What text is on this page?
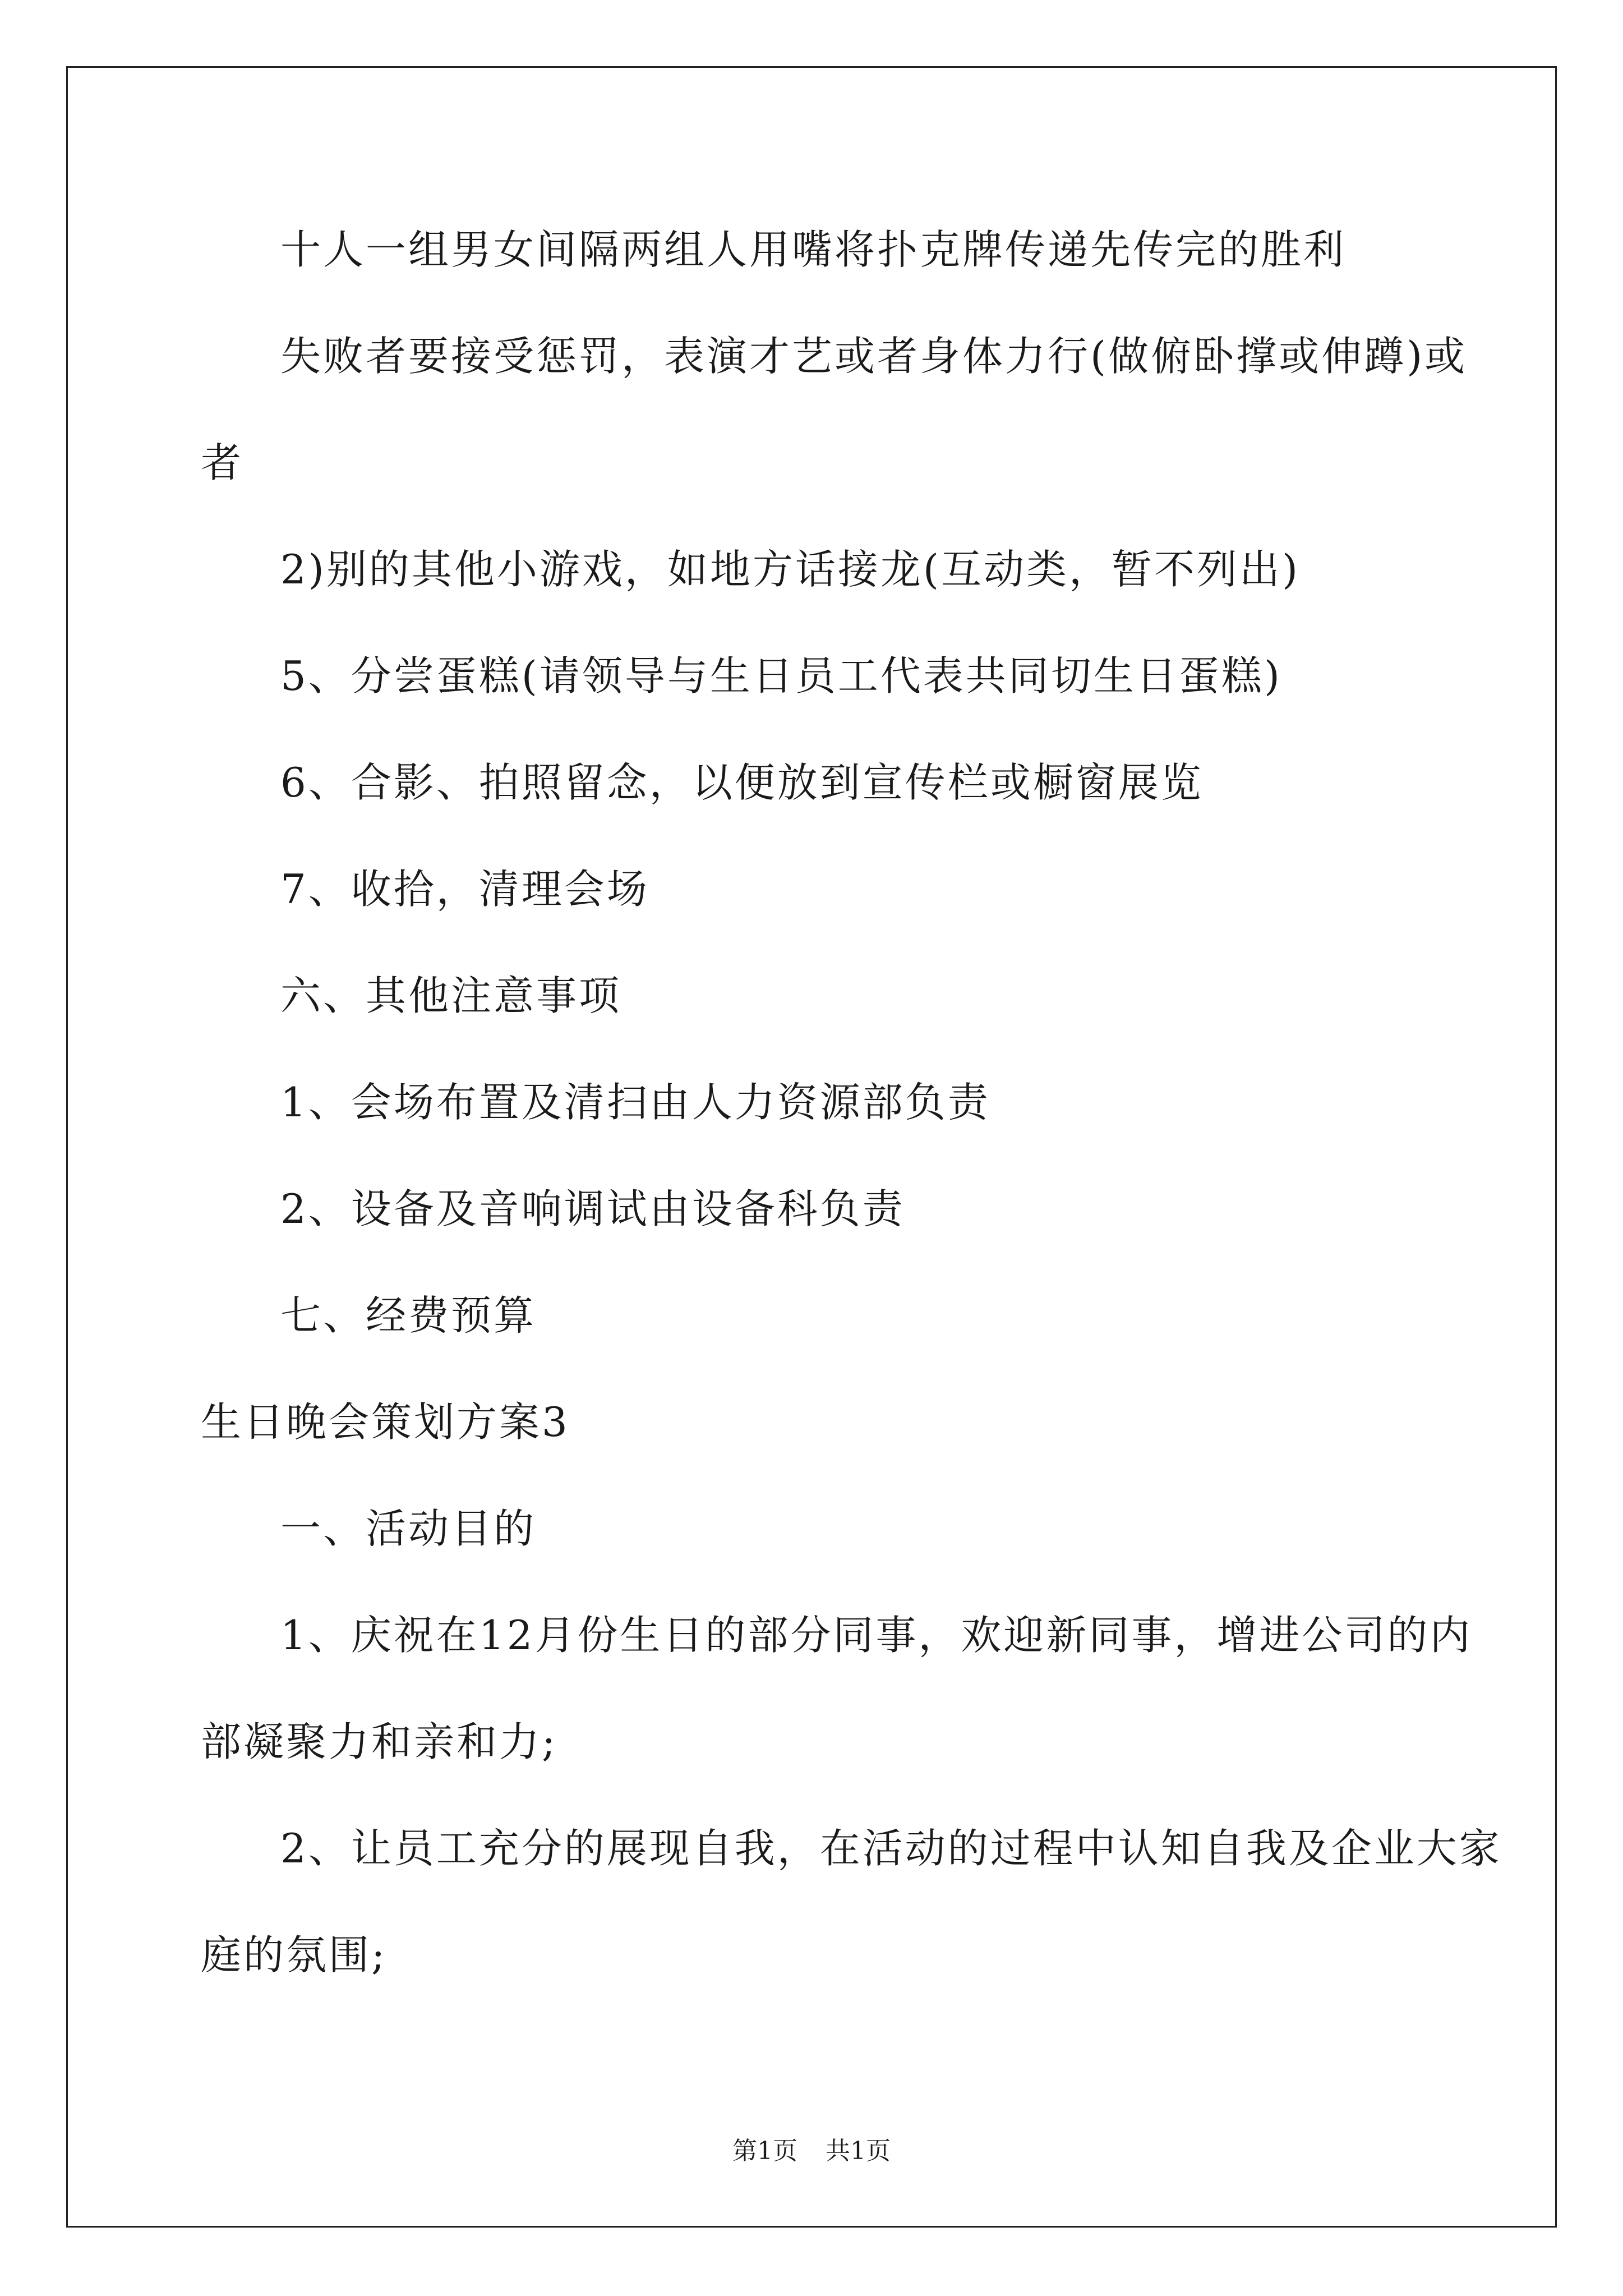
十人一组男女间隔两组人用嘴将扑克牌传递先传完的胜利
失败者要接受惩罚，表演才艺或者身体力行(做俯卧撑或伸蹲)或
者
2)别的其他小游戏，如地方话接龙(互动类，暂不列出)
5、分尝蛋糕(请领导与生日员工代表共同切生日蛋糕)
6、合影、拍照留念，以便放到宣传栏或橱窗展览
7、收拾，清理会场
六、其他注意事项
1、会场布置及清扫由人力资源部负责
2、设备及音响调试由设备科负责
七、经费预算
生日晚会策划方案3
一、活动目的
1、庆祝在12月份生日的部分同事，欢迎新同事，增进公司的内
部凝聚力和亲和力;
2、让员工充分的展现自我，在活动的过程中认知自我及企业大家
庭的氛围;
第1页 共1页
